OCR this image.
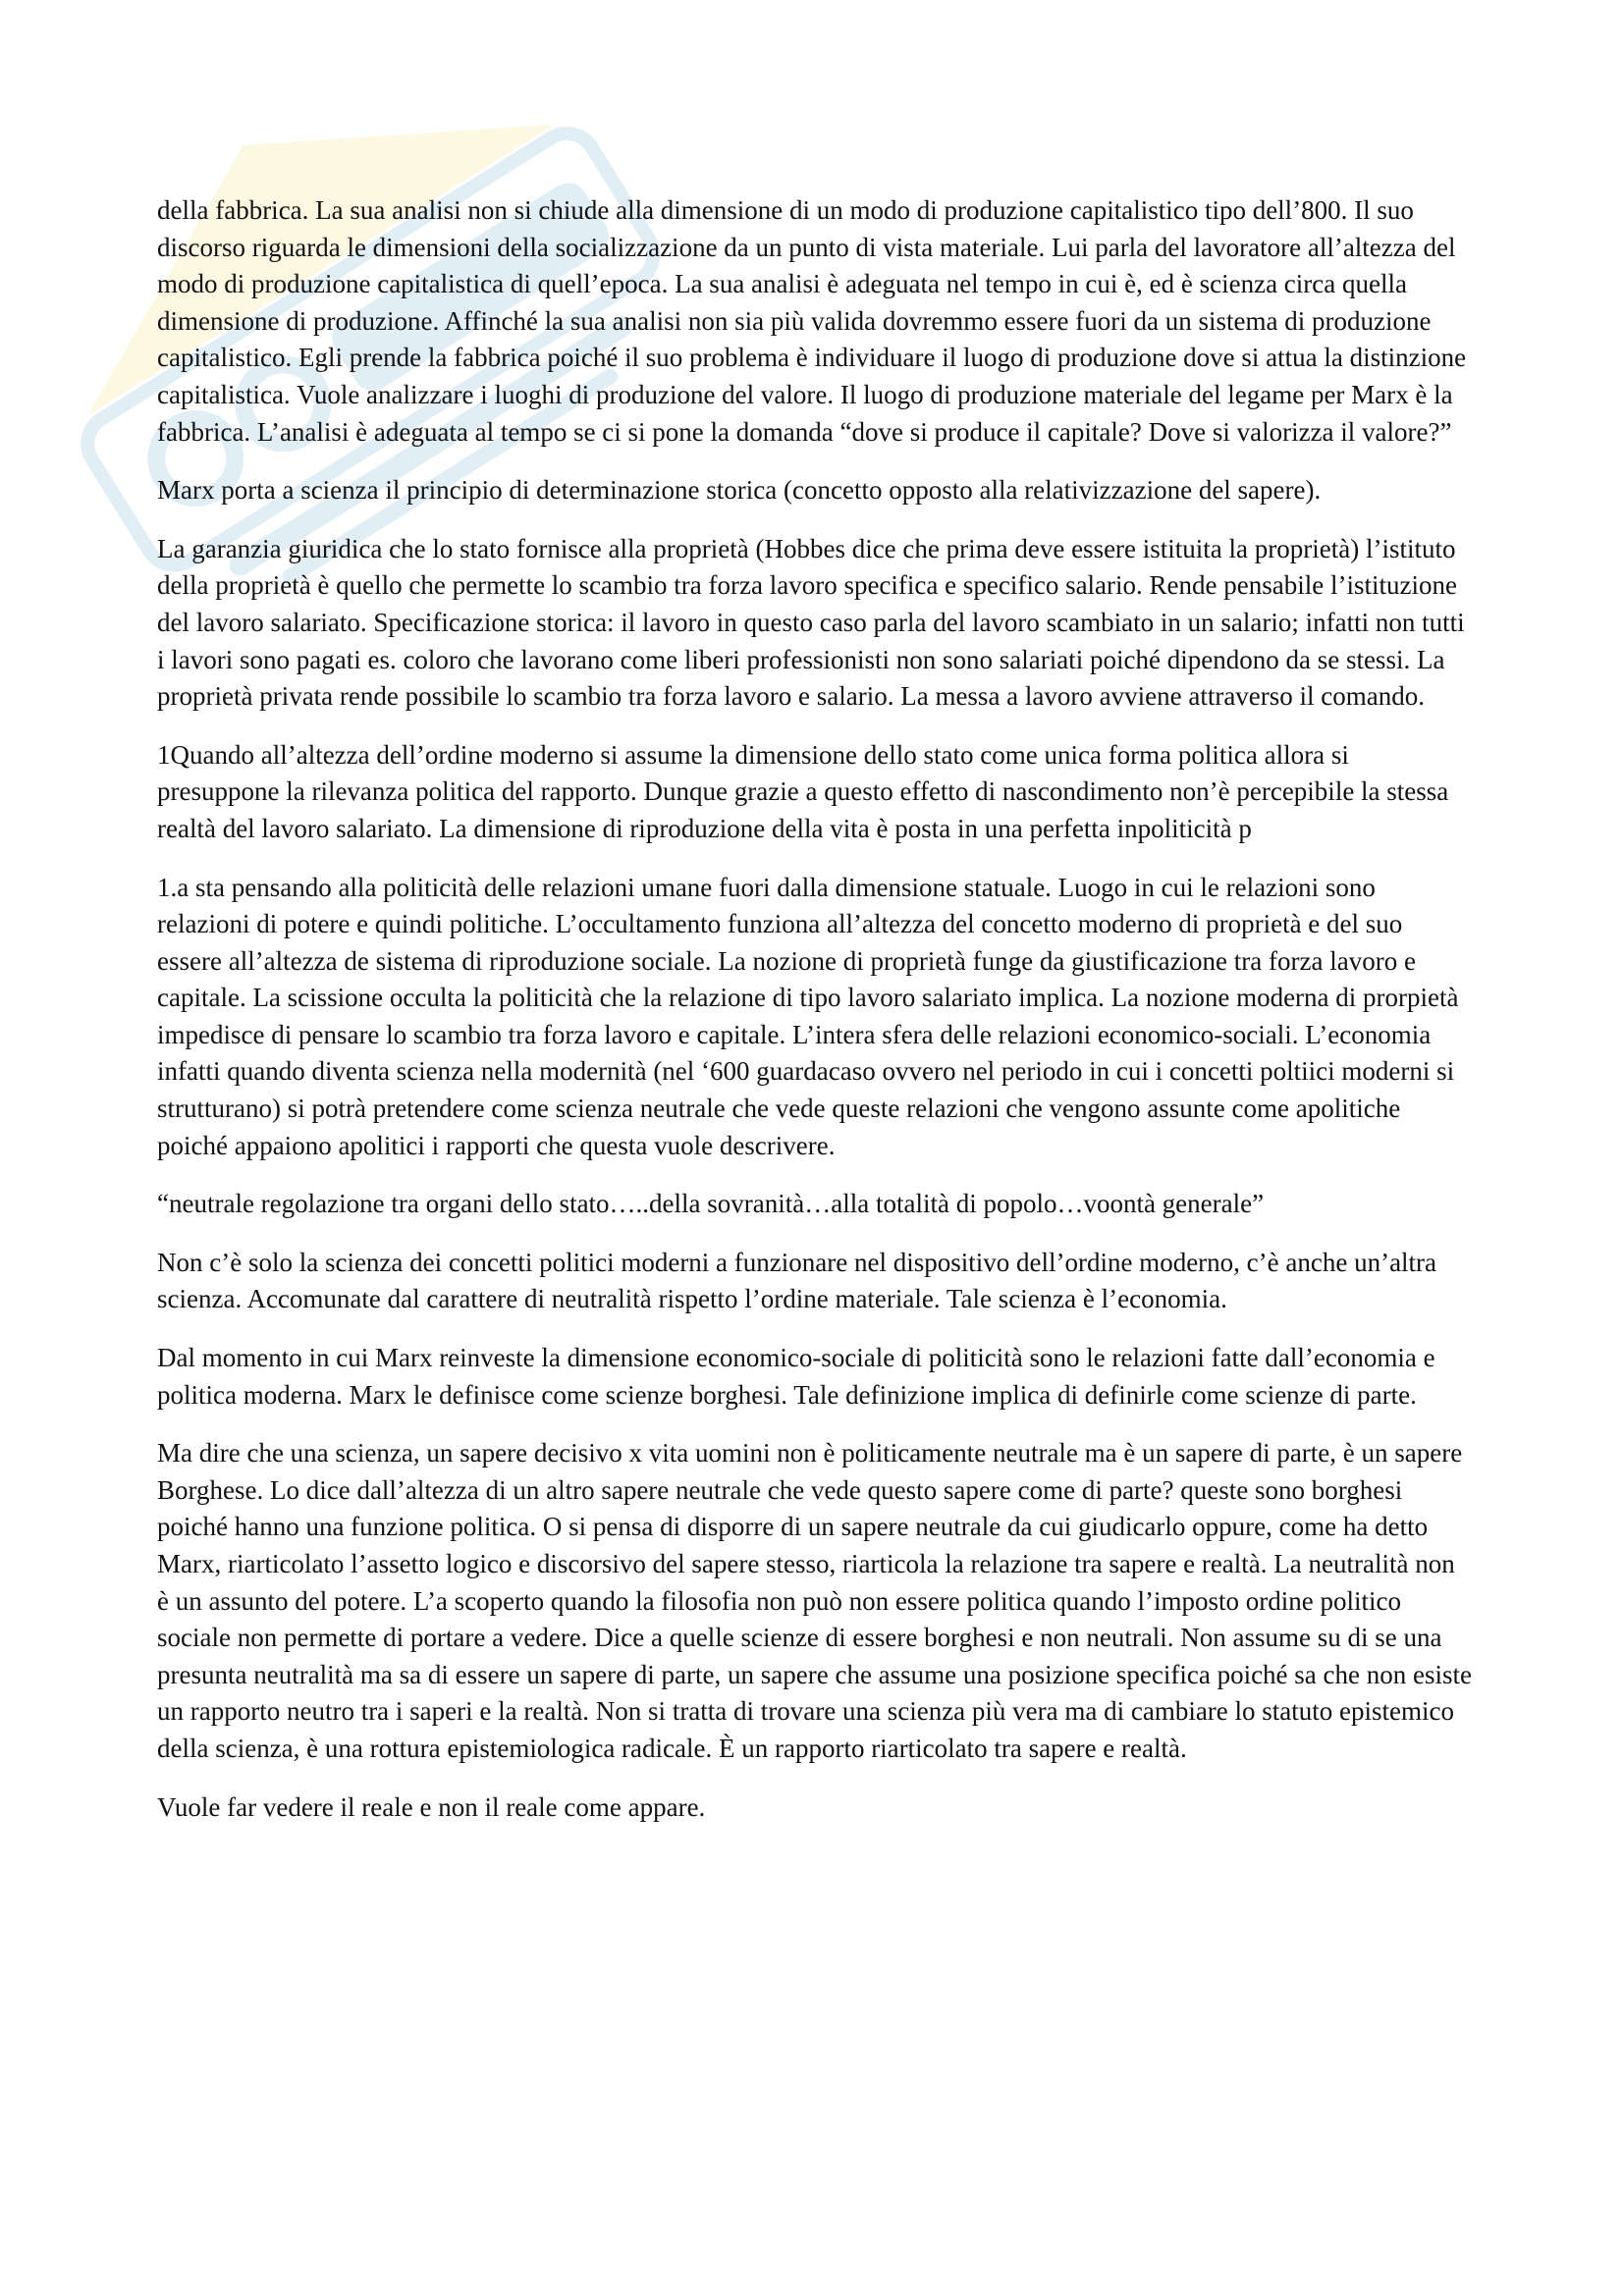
della fabbrica. La sua analisi non si chiude alla dimensione di un modo di produzione capitalistico tipo dell’800. Il suo discorso riguarda le dimensioni della socializzazione da un punto di vista materiale. Lui parla del lavoratore all’altezza del modo di produzione capitalistica di quell’epoca. La sua analisi è adeguata nel tempo in cui è, ed è scienza circa quella dimensione di produzione. Affinché la sua analisi non sia più valida dovremmo essere fuori da un sistema di produzione capitalistico. Egli prende la fabbrica poiché il suo problema è individuare il luogo di produzione dove si attua la distinzione capitalistica. Vuole analizzare i luoghi di produzione del valore. Il luogo di produzione materiale del legame per Marx è la fabbrica. L’analisi è adeguata al tempo se ci si pone la domanda “dove si produce il capitale? Dove si valorizza il valore?”

Marx porta a scienza il principio di determinazione storica (concetto opposto alla relativizzazione del sapere).

La garanzia giuridica che lo stato fornisce alla proprietà (Hobbes dice che prima deve essere istituita la proprietà) l’istituto della proprietà è quello che permette lo scambio tra forza lavoro specifica e specifico salario. Rende pensabile l’istituzione del lavoro salariato. Specificazione storica: il lavoro in questo caso parla del lavoro scambiato in un salario; infatti non tutti i lavori sono pagati es. coloro che lavorano come liberi professionisti non sono salariati poiché dipendono da se stessi. La proprietà privata rende possibile lo scambio tra forza lavoro e salario. La messa a lavoro avviene attraverso il comando.

1Quando all’altezza dell’ordine moderno si assume la dimensione dello stato come unica forma politica allora si presuppone la rilevanza politica del rapporto. Dunque grazie a questo effetto di nascondimento non’è percepibile la stessa realtà del lavoro salariato. La dimensione di riproduzione della vita è posta in una perfetta inpoliticità p

1.a sta pensando alla politicità delle relazioni umane fuori dalla dimensione statuale. Luogo in cui le relazioni sono relazioni di potere e quindi politiche. L’occultamento funziona all’altezza del concetto moderno di proprietà e del suo essere all’altezza de sistema di riproduzione sociale. La nozione di proprietà funge da giustificazione tra forza lavoro e capitale. La scissione occulta la politicità che la relazione di tipo lavoro salariato implica. La nozione moderna di prorpietà impedisce di pensare lo scambio tra forza lavoro e capitale. L’intera sfera delle relazioni economico-sociali. L’economia infatti quando diventa scienza nella modernità (nel ‘600 guardacaso ovvero nel periodo in cui i concetti poltiici moderni si strutturano) si potrà pretendere come scienza neutrale che vede queste relazioni che vengono assunte come apolitiche poiché appaiono apolitici i rapporti che questa vuole descrivere.

“neutrale regolazione tra organi dello stato…..della sovranità…alla totalità di popolo…voontà generale”

Non c’è solo la scienza dei concetti politici moderni a funzionare nel dispositivo dell’ordine moderno, c’è anche un’altra scienza. Accomunate dal carattere di neutralità rispetto l’ordine materiale. Tale scienza è l’economia.

Dal momento in cui Marx reinveste la dimensione economico-sociale di politicità sono le relazioni fatte dall’economia e politica moderna. Marx le definisce come scienze borghesi. Tale definizione implica di definirle come scienze di parte.

Ma dire che una scienza, un sapere decisivo x vita uomini non è politicamente neutrale ma è un sapere di parte, è un sapere Borghese. Lo dice dall’altezza di un altro sapere neutrale che vede questo sapere come di parte? queste sono borghesi poiché hanno una funzione politica. O si pensa di disporre di un sapere neutrale da cui giudicarlo oppure, come ha detto Marx, riarticolato l’assetto logico e discorsivo del sapere stesso, riarticola la relazione tra sapere e realtà. La neutralità non è un assunto del potere. L’a scoperto quando la filosofia non può non essere politica quando l’imposto ordine politico sociale non permette di portare a vedere. Dice a quelle scienze di essere borghesi e non neutrali. Non assume su di se una presunta neutralità ma sa di essere un sapere di parte, un sapere che assume una posizione specifica poiché sa che non esiste un rapporto neutro tra i saperi e la realtà. Non si tratta di trovare una scienza più vera ma di cambiare lo statuto epistemico della scienza, è una rottura epistemiologica radicale. È un rapporto riarticolato tra sapere e realtà.

Vuole far vedere il reale e non il reale come appare.
